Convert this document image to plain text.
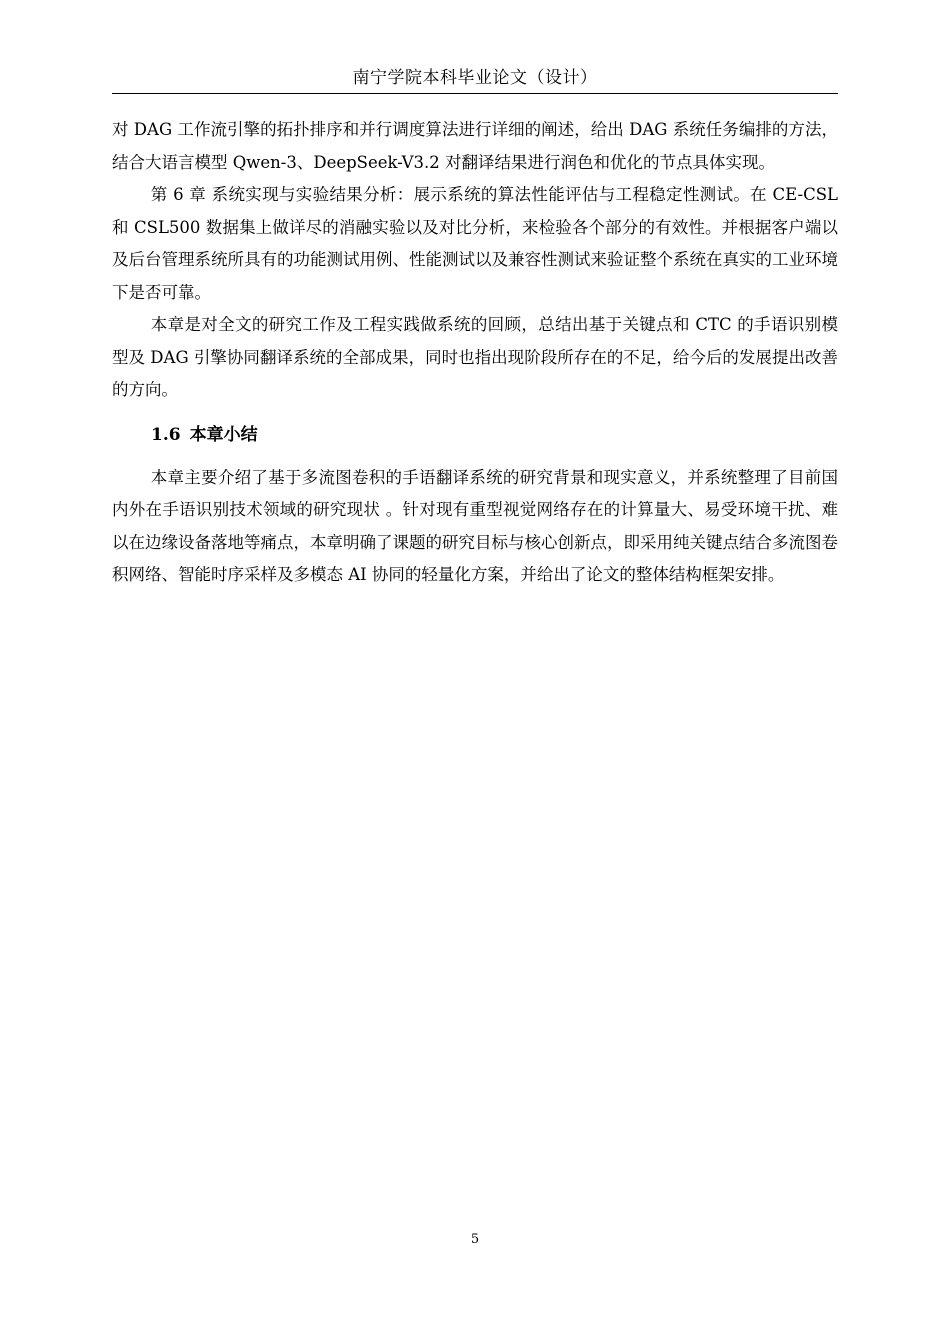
南宁学院本科毕业论文（设计）

对 DAG 工作流引擎的拓扑排序和并行调度算法进行详细的阐述，给出 DAG 系统任务编排的方法，结合大语言模型 Qwen-3、DeepSeek-V3.2 对翻译结果进行润色和优化的节点具体实现。

第 6 章 系统实现与实验结果分析：展示系统的算法性能评估与工程稳定性测试。在 CE-CSL 和 CSL500 数据集上做详尽的消融实验以及对比分析，来检验各个部分的有效性。并根据客户端以及后台管理系统所具有的功能测试用例、性能测试以及兼容性测试来验证整个系统在真实的工业环境下是否可靠。

本章是对全文的研究工作及工程实践做系统的回顾，总结出基于关键点和 CTC 的手语识别模型及 DAG 引擎协同翻译系统的全部成果，同时也指出现阶段所存在的不足，给今后的发展提出改善的方向。

1.6 本章小结

本章主要介绍了基于多流图卷积的手语翻译系统的研究背景和现实意义，并系统整理了目前国内外在手语识别技术领域的研究现状 。针对现有重型视觉网络存在的计算量大、易受环境干扰、难以在边缘设备落地等痛点，本章明确了课题的研究目标与核心创新点，即采用纯关键点结合多流图卷积网络、智能时序采样及多模态 AI 协同的轻量化方案，并给出了论文的整体结构框架安排。

5
